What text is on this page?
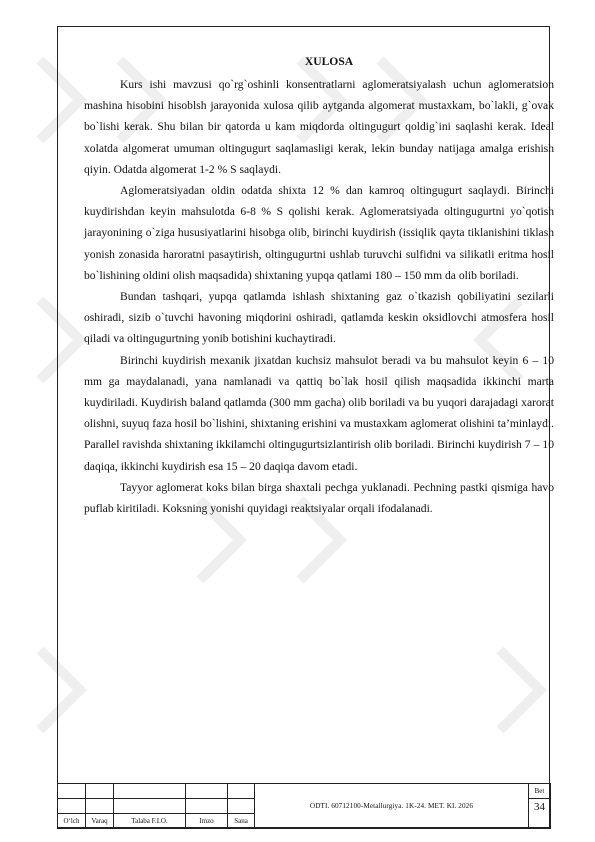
XULOSA

Kurs ishi mavzusi qo`rg`oshinli konsentratlarni aglomeratsiyalash uchun aglomeratsion mashina hisobini hisoblsh jarayonida xulosa qilib aytganda algomerat mustaxkam, bo`lakli, g`ovak bo`lishi kerak. Shu bilan bir qatorda u kam miqdorda oltingugurt qoldig`ini saqlashi kerak. Ideal xolatda algomerat umuman oltingugurt saqlamasligi kerak, lekin bunday natijaga amalga erishish qiyin. Odatda algomerat 1-2 % S saqlaydi.

Aglomeratsiyadan oldin odatda shixta 12 % dan kamroq oltingugurt saqlaydi. Birinchi kuydirishdan keyin mahsulotda 6-8 % S qolishi kerak. Aglomeratsiyada oltingugurtni yo`qotish jarayonining o`ziga hususiyatlarini hisobga olib, birinchi kuydirish (issiqlik qayta tiklanishini tiklash yonish zonasida haroratni pasaytirish, oltingugurtni ushlab turuvchi sulfidni va silikatli eritma hosil bo`lishining oldini olish maqsadida) shixtaning yupqa qatlami 180 – 150 mm da olib boriladi.

Bundan tashqari, yupqa qatlamda ishlash shixtaning gaz o`tkazish qobiliyatini sezilarli oshiradi, sizib o`tuvchi havoning miqdorini oshiradi, qatlamda keskin oksidlovchi atmosfera hosil qiladi va oltingugurtning yonib botishini kuchaytiradi.

Birinchi kuydirish mexanik jixatdan kuchsiz mahsulot beradi va bu mahsulot keyin 6 – 10 mm ga maydalanadi, yana namlanadi va qattiq bo`lak hosil qilish maqsadida ikkinchi marta kuydiriladi. Kuydirish baland qatlamda (300 mm gacha) olib boriladi va bu yuqori darajadagi xarorat olishni, suyuq faza hosil bo`lishini, shixtaning erishini va mustaxkam aglomerat olishini ta’minlaydi. Parallel ravishda shixtaning ikkilamchi oltingugurtsizlantirish olib boriladi. Birinchi kuydirish 7 – 10 daqiqa, ikkinchi kuydirish esa 15 – 20 daqiqa davom etadi.

Tayyor aglomerat koks bilan birga shaxtali pechga yuklanadi. Pechning pastki qismiga havo puflab kiritiladi. Koksning yonishi quyidagi reaktsiyalar orqali ifodalanadi.

					ODTI. 60712100-Metallurgiya. 1K-24. MET. KI. 2026	Bet
						34
O‘lch	Varaq	Talaba F.I.O.	Imzo	Sana		
